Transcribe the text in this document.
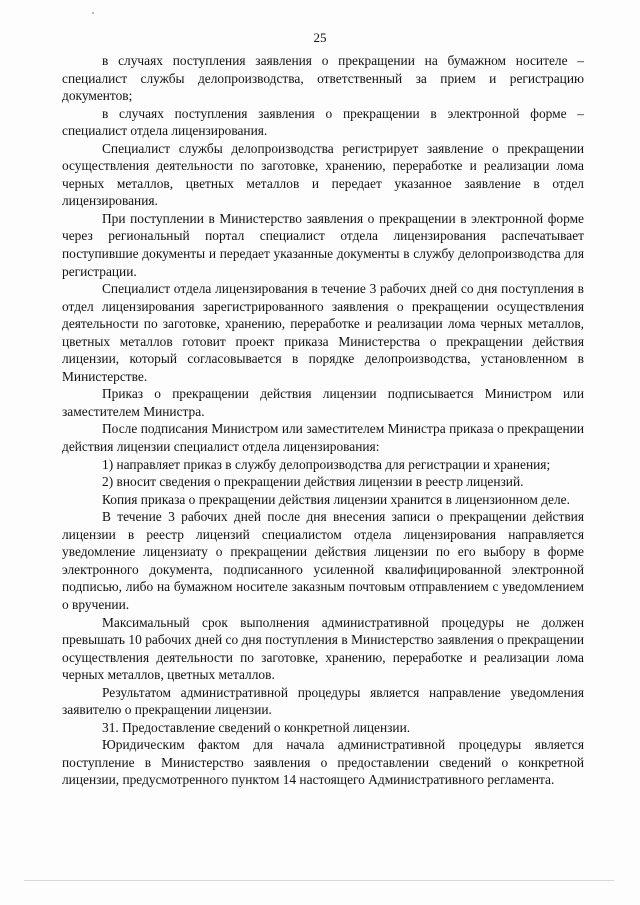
25

в случаях поступления заявления о прекращении на бумажном носителе – специалист службы делопроизводства, ответственный за прием и регистрацию документов;

в случаях поступления заявления о прекращении в электронной форме – специалист отдела лицензирования.

Специалист службы делопроизводства регистрирует заявление о прекращении осуществления деятельности по заготовке, хранению, переработке и реализации лома черных металлов, цветных металлов и передает указанное заявление в отдел лицензирования.

При поступлении в Министерство заявления о прекращении в электронной форме через региональный портал специалист отдела лицензирования распечатывает поступившие документы и передает указанные документы в службу делопроизводства для регистрации.

Специалист отдела лицензирования в течение 3 рабочих дней со дня поступления в отдел лицензирования зарегистрированного заявления о прекращении осуществления деятельности по заготовке, хранению, переработке и реализации лома черных металлов, цветных металлов готовит проект приказа Министерства о прекращении действия лицензии, который согласовывается в порядке делопроизводства, установленном в Министерстве.

Приказ о прекращении действия лицензии подписывается Министром или заместителем Министра.

После подписания Министром или заместителем Министра приказа о прекращении действия лицензии специалист отдела лицензирования:

1) направляет приказ в службу делопроизводства для регистрации и хранения;

2) вносит сведения о прекращении действия лицензии в реестр лицензий.

Копия приказа о прекращении действия лицензии хранится в лицензионном деле.

В течение 3 рабочих дней после дня внесения записи о прекращении действия лицензии в реестр лицензий специалистом отдела лицензирования направляется уведомление лицензиату о прекращении действия лицензии по его выбору в форме электронного документа, подписанного усиленной квалифицированной электронной подписью, либо на бумажном носителе заказным почтовым отправлением с уведомлением о вручении.

Максимальный срок выполнения административной процедуры не должен превышать 10 рабочих дней со дня поступления в Министерство заявления о прекращении осуществления деятельности по заготовке, хранению, переработке и реализации лома черных металлов, цветных металлов.

Результатом административной процедуры является направление уведомления заявителю о прекращении лицензии.

31. Предоставление сведений о конкретной лицензии.

Юридическим фактом для начала административной процедуры является поступление в Министерство заявления о предоставлении сведений о конкретной лицензии, предусмотренного пунктом 14 настоящего Административного регламента.
